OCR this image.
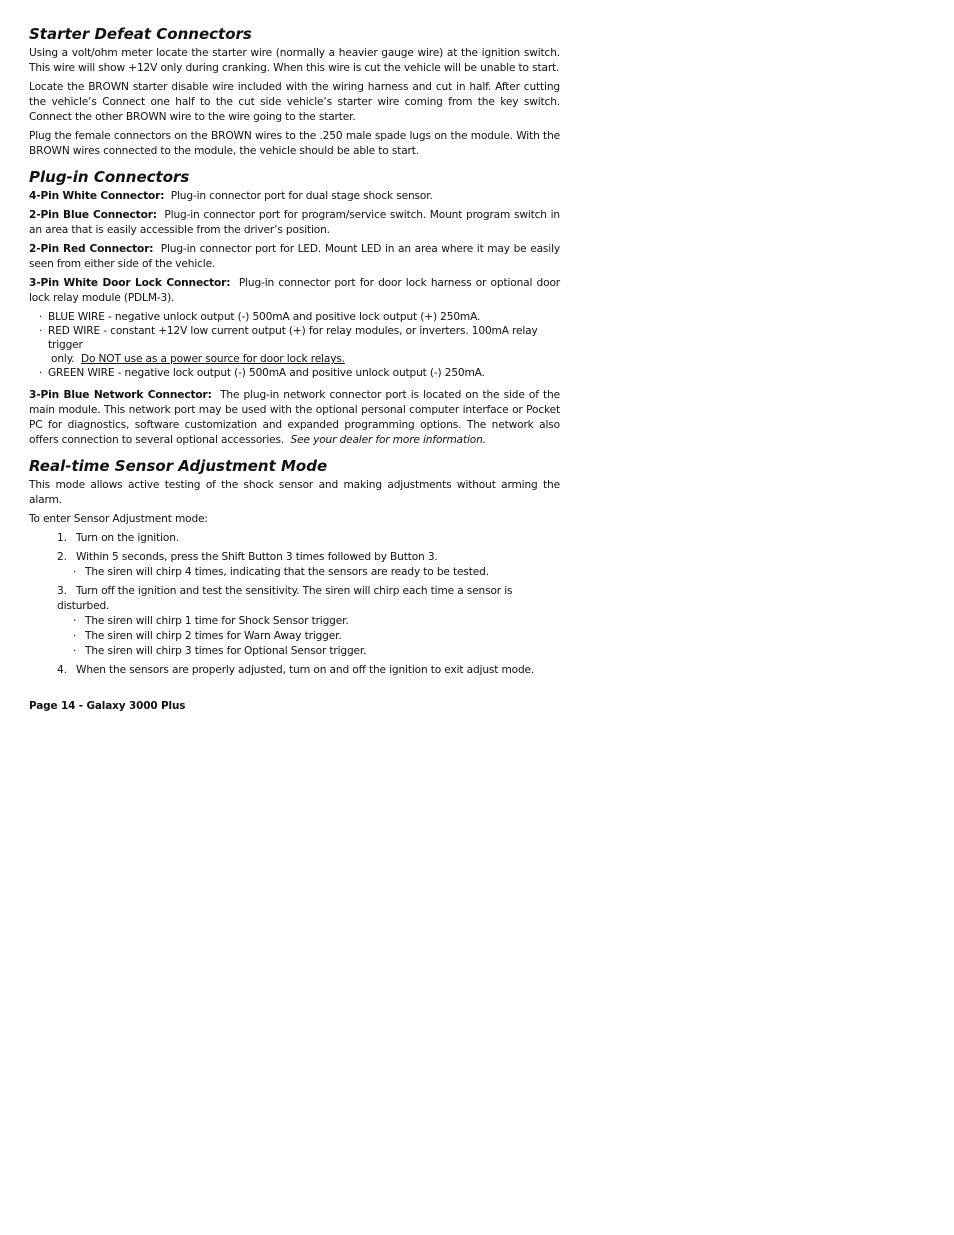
Starter Defeat Connectors

Using a volt/ohm meter locate the starter wire (normally a heavier gauge wire) at the ignition switch. This wire will show +12V only during cranking. When this wire is cut the vehicle will be unable to start.

Locate the BROWN starter disable wire included with the wiring harness and cut in half. After cutting the vehicle’s Connect one half to the cut side vehicle’s starter wire coming from the key switch. Connect the other BROWN wire to the wire going to the starter.

Plug the female connectors on the BROWN wires to the .250 male spade lugs on the module. With the BROWN wires connected to the module, the vehicle should be able to start.

Plug-in Connectors

4-Pin White Connector: Plug-in connector port for dual stage shock sensor.

2-Pin Blue Connector: Plug-in connector port for program/service switch. Mount program switch in an area that is easily accessible from the driver’s position.

2-Pin Red Connector: Plug-in connector port for LED. Mount LED in an area where it may be easily seen from either side of the vehicle.

3-Pin White Door Lock Connector: Plug-in connector port for door lock harness or optional door lock relay module (PDLM-3).

· BLUE WIRE - negative unlock output (-) 500mA and positive lock output (+) 250mA.
· RED WIRE - constant +12V low current output (+) for relay modules, or inverters. 100mA relay trigger
only. Do NOT use as a power source for door lock relays.
· GREEN WIRE - negative lock output (-) 500mA and positive unlock output (-) 250mA.

3-Pin Blue Network Connector: The plug-in network connector port is located on the side of the main module. This network port may be used with the optional personal computer interface or Pocket PC for diagnostics, software customization and expanded programming options. The network also offers connection to several optional accessories. See your dealer for more information.

Real-time Sensor Adjustment Mode

This mode allows active testing of the shock sensor and making adjustments without arming the alarm.

To enter Sensor Adjustment mode:

1. Turn on the ignition.
2. Within 5 seconds, press the Shift Button 3 times followed by Button 3.
· The siren will chirp 4 times, indicating that the sensors are ready to be tested.
3. Turn off the ignition and test the sensitivity. The siren will chirp each time a sensor is disturbed.
· The siren will chirp 1 time for Shock Sensor trigger.
· The siren will chirp 2 times for Warn Away trigger.
· The siren will chirp 3 times for Optional Sensor trigger.
4. When the sensors are properly adjusted, turn on and off the ignition to exit adjust mode.
Page 14 - Galaxy 3000 Plus
